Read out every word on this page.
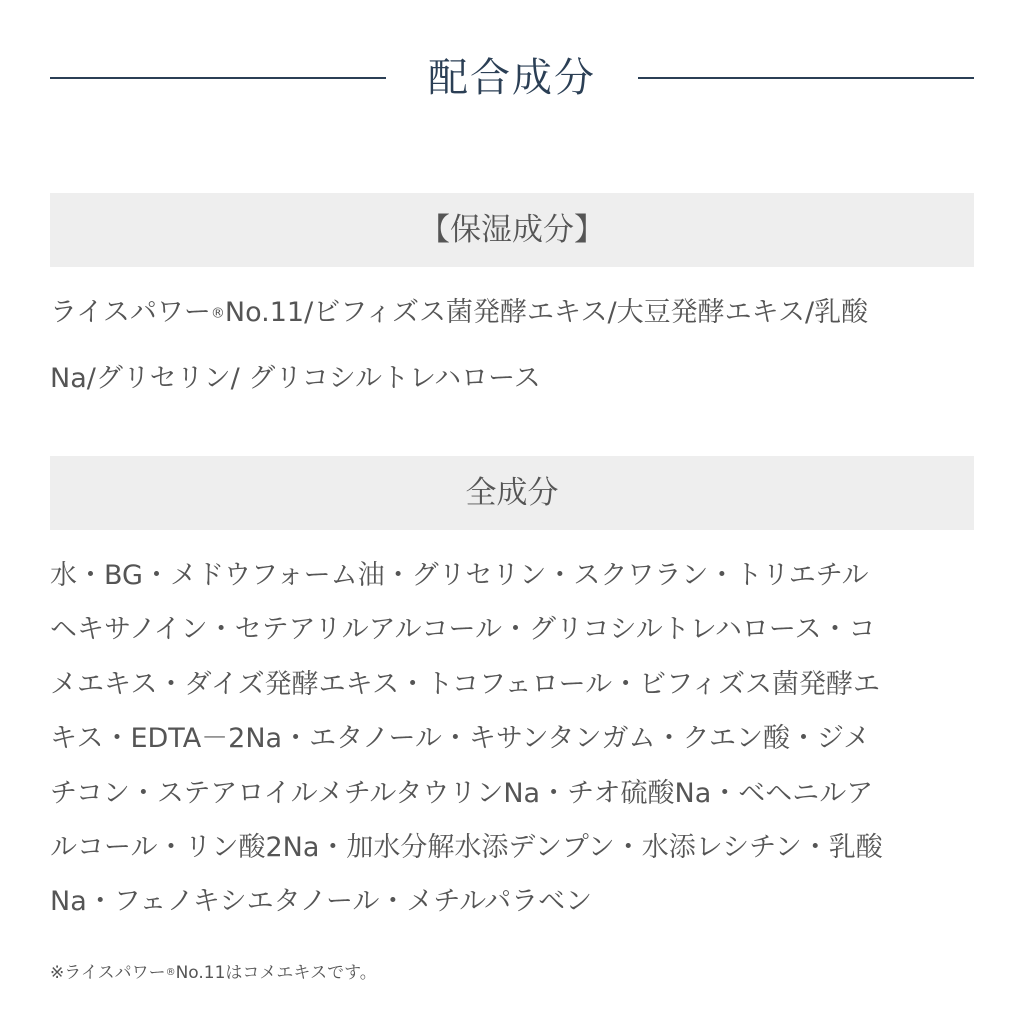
配合成分
【保湿成分】
ライスパワー®No.11/ビフィズス菌発酵エキス/大豆発酵エキス/乳酸
Na/グリセリン/ グリコシルトレハロース
全成分
水・BG・メドウフォーム油・グリセリン・スクワラン・トリエチル
ヘキサノイン・セテアリルアルコール・グリコシルトレハロース・コ
メエキス・ダイズ発酵エキス・トコフェロール・ビフィズス菌発酵エ
キス・EDTA－2Na・エタノール・キサンタンガム・クエン酸・ジメ
チコン・ステアロイルメチルタウリンNa・チオ硫酸Na・ベヘニルア
ルコール・リン酸2Na・加水分解水添デンプン・水添レシチン・乳酸
Na・フェノキシエタノール・メチルパラベン
※ライスパワー®No.11はコメエキスです。
